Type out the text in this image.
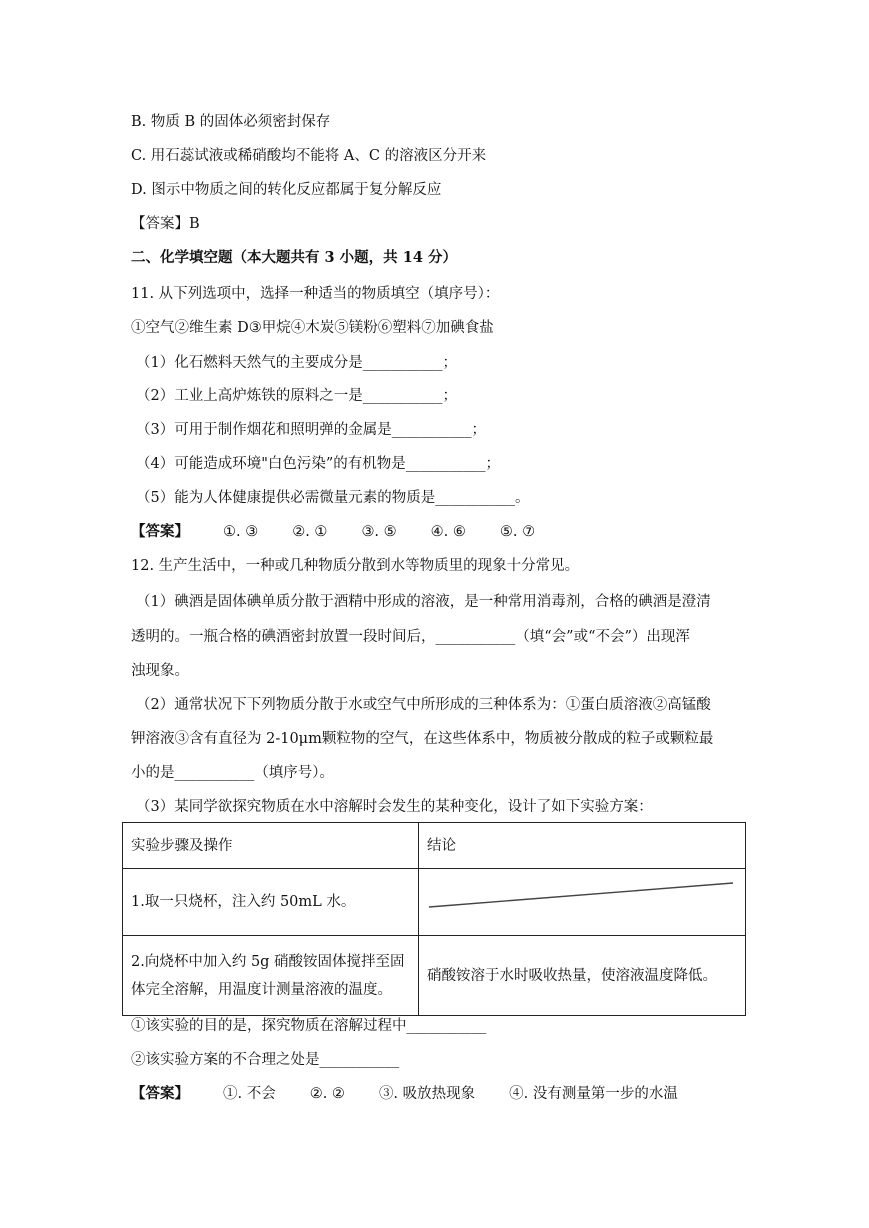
B. 物质 B 的固体必须密封保存
C. 用石蕊试液或稀硝酸均不能将 A、C 的溶液区分开来
D. 图示中物质之间的转化反应都属于复分解反应
【答案】B
二、化学填空题（本大题共有 3 小题，共 14 分）
11. 从下列选项中，选择一种适当的物质填空（填序号）：
①空气②维生素 D③甲烷④木炭⑤镁粉⑥塑料⑦加碘食盐
（1）化石燃料天然气的主要成分是___________；
（2）工业上高炉炼铁的原料之一是___________；
（3）可用于制作烟花和照明弹的金属是___________；
（4）可能造成环境"白色污染”的有机物是___________；
（5）能为人体健康提供必需微量元素的物质是___________。
【答案】 ①. ③ ②. ① ③. ⑤ ④. ⑥ ⑤. ⑦
12. 生产生活中，一种或几种物质分散到水等物质里的现象十分常见。
（1）碘酒是固体碘单质分散于酒精中形成的溶液，是一种常用消毒剂，合格的碘酒是澄清
透明的。一瓶合格的碘酒密封放置一段时间后，___________（填“会”或“不会”）出现浑
浊现象。
（2）通常状况下下列物质分散于水或空气中所形成的三种体系为：①蛋白质溶液②高锰酸
钾溶液③含有直径为 2-10μm颗粒物的空气，在这些体系中，物质被分散成的粒子或颗粒最
小的是___________（填序号）。
（3）某同学欲探究物质在水中溶解时会发生的某种变化，设计了如下实验方案：
实验步骤及操作	结论
1.取一只烧杯，注入约 50mL 水。	

2.向烧杯中加入约 5g 硝酸铵固体搅拌至固
体完全溶解，用温度计测量溶液的温度。	硝酸铵溶于水时吸收热量，使溶液温度降低。
①该实验的目的是，探究物质在溶解过程中___________
②该实验方案的不合理之处是___________
【答案】 ①. 不会 ②. ② ③. 吸放热现象 ④. 没有测量第一步的水温
